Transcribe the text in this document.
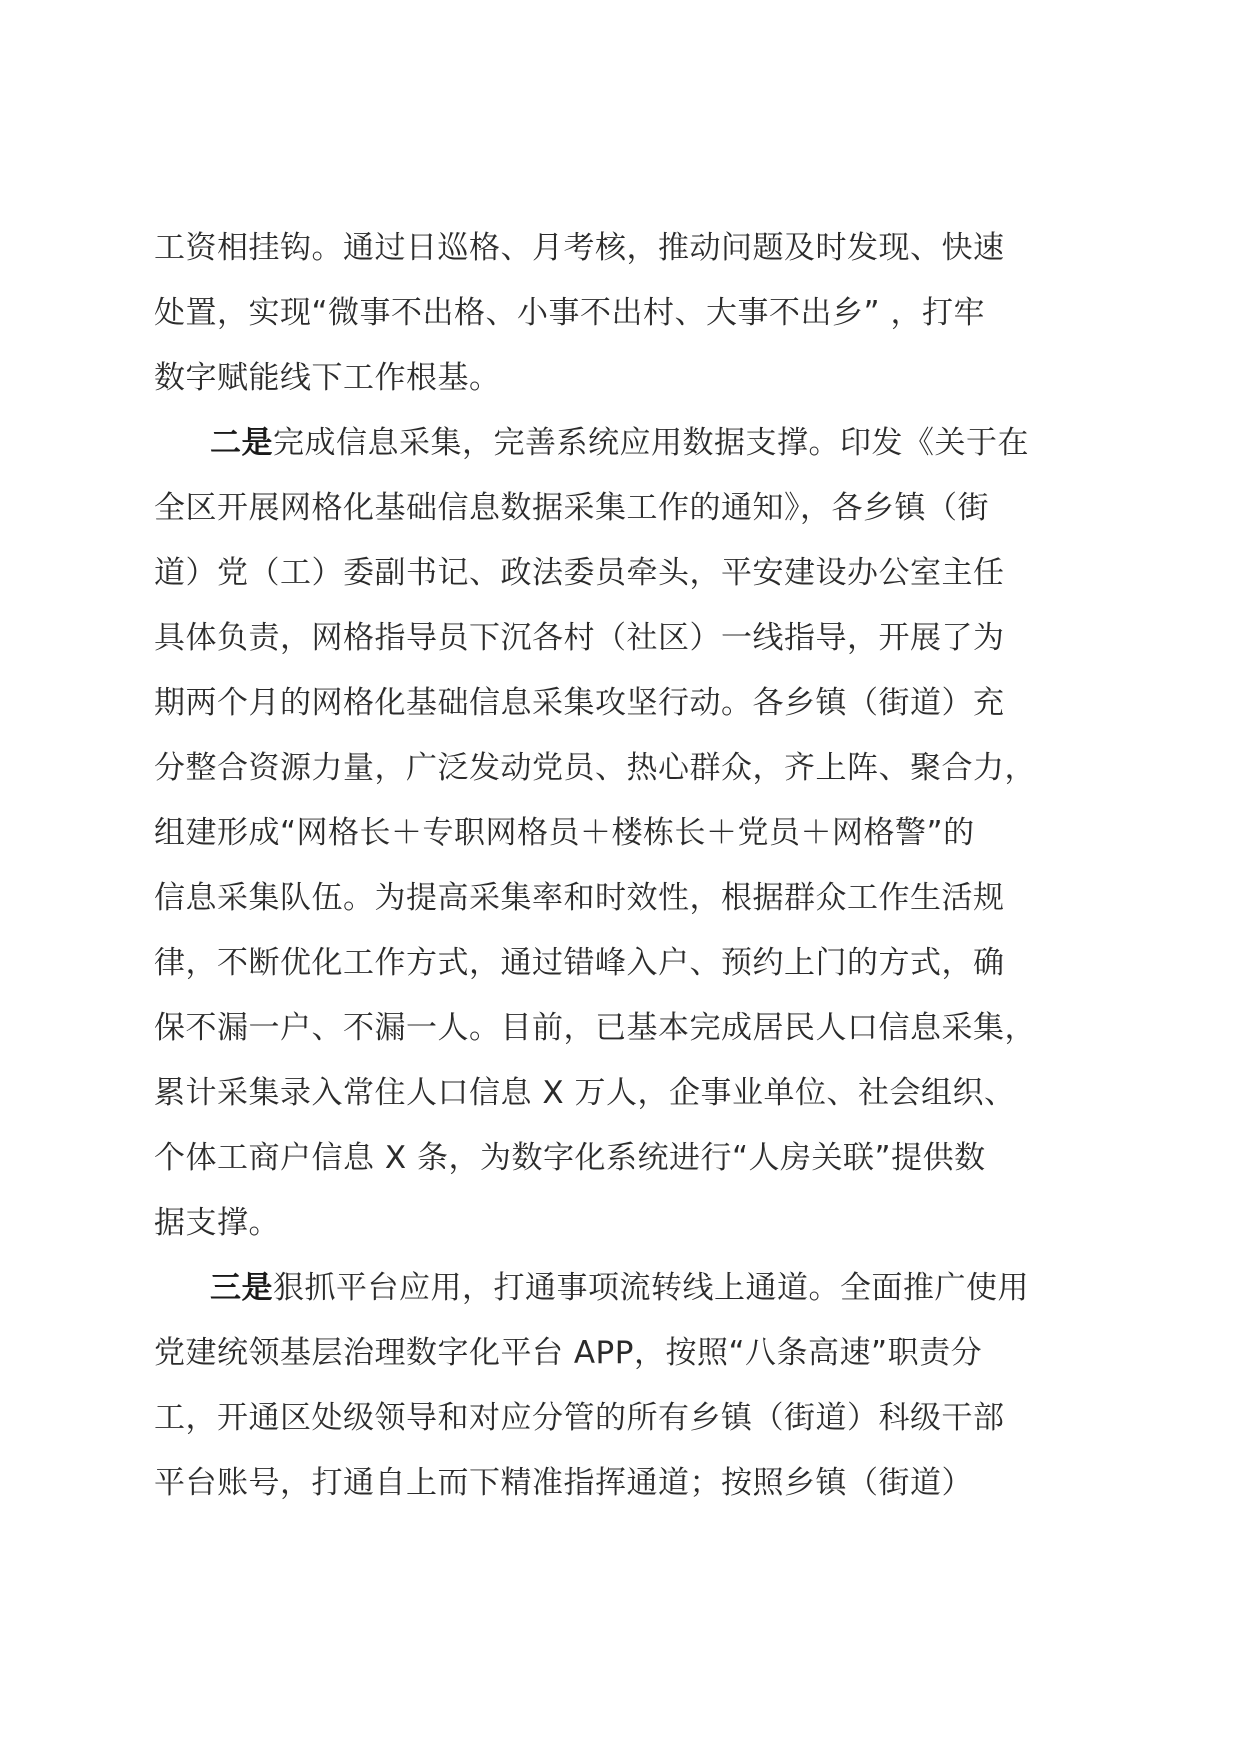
工资相挂钩。通过日巡格、月考核，推动问题及时发现、快速
处置，实现“微事不出格、小事不出村、大事不出乡” ，打牢
数字赋能线下工作根基。
二是完成信息采集，完善系统应用数据支撑。印发《关于在
全区开展网格化基础信息数据采集工作的通知》，各乡镇（街
道）党（工）委副书记、政法委员牵头，平安建设办公室主任
具体负责，网格指导员下沉各村（社区）一线指导，开展了为
期两个月的网格化基础信息采集攻坚行动。各乡镇（街道）充
分整合资源力量，广泛发动党员、热心群众，齐上阵、聚合力，
组建形成“网格长＋专职网格员＋楼栋长＋党员＋网格警”的
信息采集队伍。为提高采集率和时效性，根据群众工作生活规
律，不断优化工作方式，通过错峰入户、预约上门的方式，确
保不漏一户、不漏一人。目前，已基本完成居民人口信息采集，
累计采集录入常住人口信息 X 万人，企事业单位、社会组织、
个体工商户信息 X 条，为数字化系统进行“人房关联”提供数
据支撑。
三是狠抓平台应用，打通事项流转线上通道。全面推广使用
党建统领基层治理数字化平台 APP，按照“八条高速”职责分
工，开通区处级领导和对应分管的所有乡镇（街道）科级干部
平台账号，打通自上而下精准指挥通道；按照乡镇（街道）
